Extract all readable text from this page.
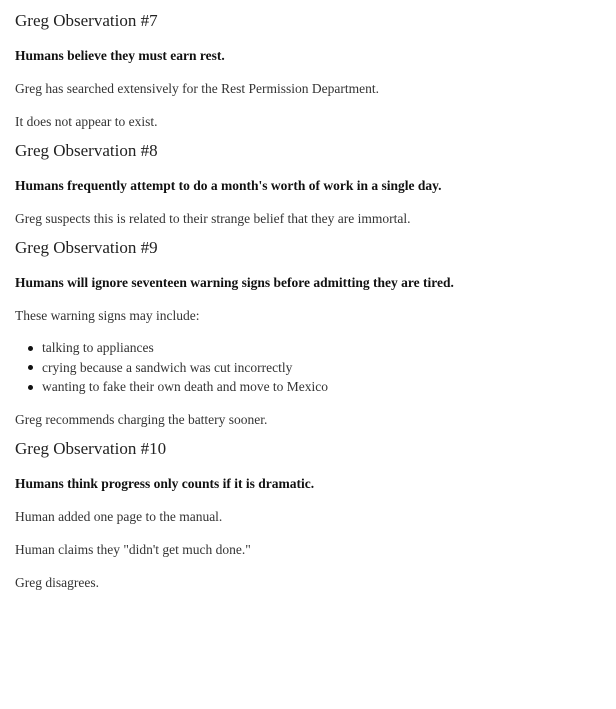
Greg Observation #7

Humans believe they must earn rest.

Greg has searched extensively for the Rest Permission Department.

It does not appear to exist.

Greg Observation #8

Humans frequently attempt to do a month's worth of work in a single day.

Greg suspects this is related to their strange belief that they are immortal.

Greg Observation #9

Humans will ignore seventeen warning signs before admitting they are tired.

These warning signs may include:

talking to appliances
crying because a sandwich was cut incorrectly
wanting to fake their own death and move to Mexico

Greg recommends charging the battery sooner.

Greg Observation #10

Humans think progress only counts if it is dramatic.

Human added one page to the manual.

Human claims they "didn't get much done."

Greg disagrees.
